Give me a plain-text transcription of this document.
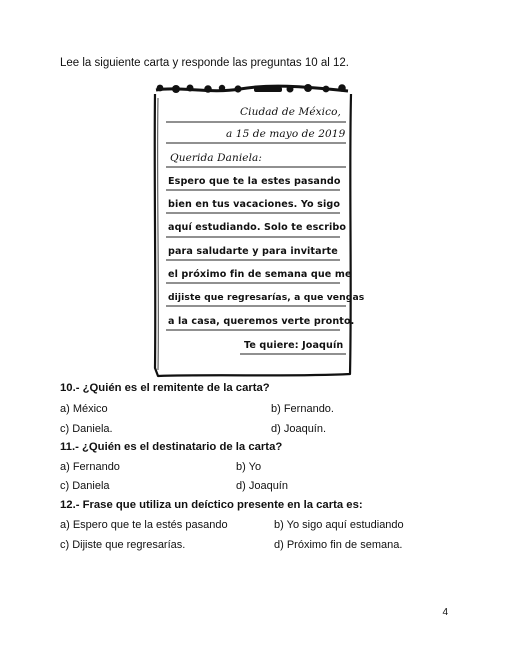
Lee la siguiente carta y responde las preguntas 10 al 12.
Ciudad de México,
a 15 de mayo de 2019
Querida Daniela:
Espero que te la estes pasando
bien en tus vacaciones. Yo sigo
aquí estudiando. Solo te escribo
para saludarte y para invitarte
el próximo fin de semana que me
dijiste que regresarías, a que vengas
a la casa, queremos verte pronto.
Te quiere: Joaquín
10.- ¿Quién es el remitente de la carta?
a) México	b) Fernando.
c) Daniela.	d) Joaquín.
11.- ¿Quién es el destinatario de la carta?
a) Fernando	b) Yo
c) Daniela	d) Joaquín
12.- Frase que utiliza un deíctico presente en la carta es:
a) Espero que te la estés pasando	b) Yo sigo aquí estudiando
c) Dijiste que regresarías.	d) Próximo fin de semana.
4
